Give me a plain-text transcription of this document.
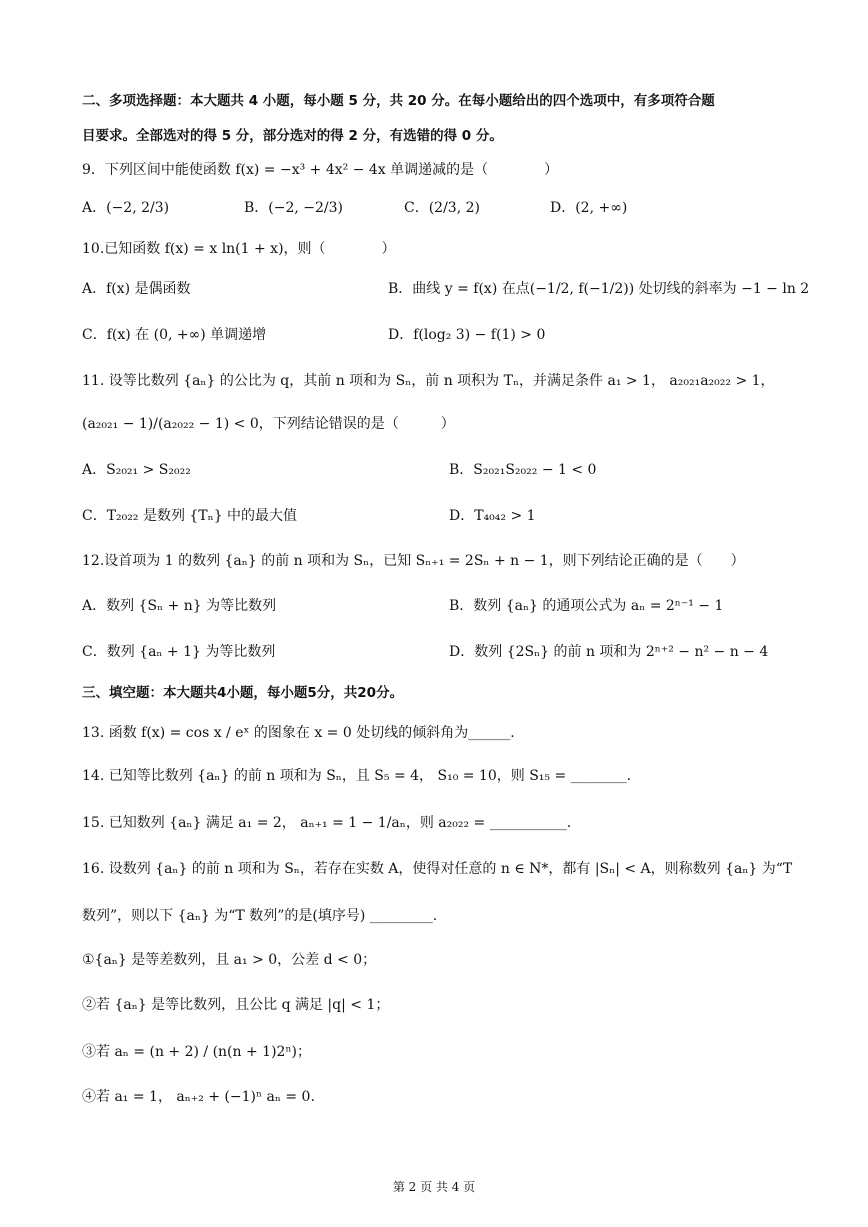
二、多项选择题：本大题共 4 小题，每小题 5 分，共 20 分。在每小题给出的四个选项中，有多项符合题
目要求。全部选对的得 5 分，部分选对的得 2 分，有选错的得 0 分。
9．下列区间中能使函数 f(x) = −x³ + 4x² − 4x 单调递减的是（　　　　）
A．(−2, 2/3)	B．(−2, −2/3)	C．(2/3, 2)	D．(2, +∞)
10.已知函数 f(x) = x ln(1 + x)，则（　　　　）
A．f(x) 是偶函数	B．曲线 y = f(x) 在点(−1/2, f(−1/2)) 处切线的斜率为 −1 − ln 2
C．f(x) 在 (0, +∞) 单调递增	D．f(log₂ 3) − f(1) > 0
11. 设等比数列 {aₙ} 的公比为 q，其前 n 项和为 Sₙ，前 n 项积为 Tₙ，并满足条件 a₁ > 1， a₂₀₂₁a₂₀₂₂ > 1，
(a₂₀₂₁ − 1)/(a₂₀₂₂ − 1) < 0，下列结论错误的是（　　　）
A．S₂₀₂₁ > S₂₀₂₂	B．S₂₀₂₁S₂₀₂₂ − 1 < 0
C．T₂₀₂₂ 是数列 {Tₙ} 中的最大值	D．T₄₀₄₂ > 1
12.设首项为 1 的数列 {aₙ} 的前 n 项和为 Sₙ，已知 Sₙ₊₁ = 2Sₙ + n − 1，则下列结论正确的是（　　）
A．数列 {Sₙ + n} 为等比数列	B．数列 {aₙ} 的通项公式为 aₙ = 2ⁿ⁻¹ − 1
C．数列 {aₙ + 1} 为等比数列	D．数列 {2Sₙ} 的前 n 项和为 2ⁿ⁺² − n² − n − 4
三、填空题：本大题共4小题，每小题5分，共20分。
13. 函数 f(x) = cos x / eˣ 的图象在 x = 0 处切线的倾斜角为______.
14. 已知等比数列 {aₙ} 的前 n 项和为 Sₙ，且 S₅ = 4， S₁₀ = 10，则 S₁₅ = ________.
15. 已知数列 {aₙ} 满足 a₁ = 2， aₙ₊₁ = 1 − 1/aₙ，则 a₂₀₂₂ = ___________.
16. 设数列 {aₙ} 的前 n 项和为 Sₙ，若存在实数 A，使得对任意的 n ∈ N*，都有 |Sₙ| < A，则称数列 {aₙ} 为“T
数列”，则以下 {aₙ} 为“T 数列”的是(填序号) _________.
①{aₙ} 是等差数列，且 a₁ > 0，公差 d < 0；
②若 {aₙ} 是等比数列，且公比 q 满足 |q| < 1；
③若 aₙ = (n + 2) / (n(n + 1)2ⁿ)；
④若 a₁ = 1， aₙ₊₂ + (−1)ⁿ aₙ = 0.
第 2 页 共 4 页
